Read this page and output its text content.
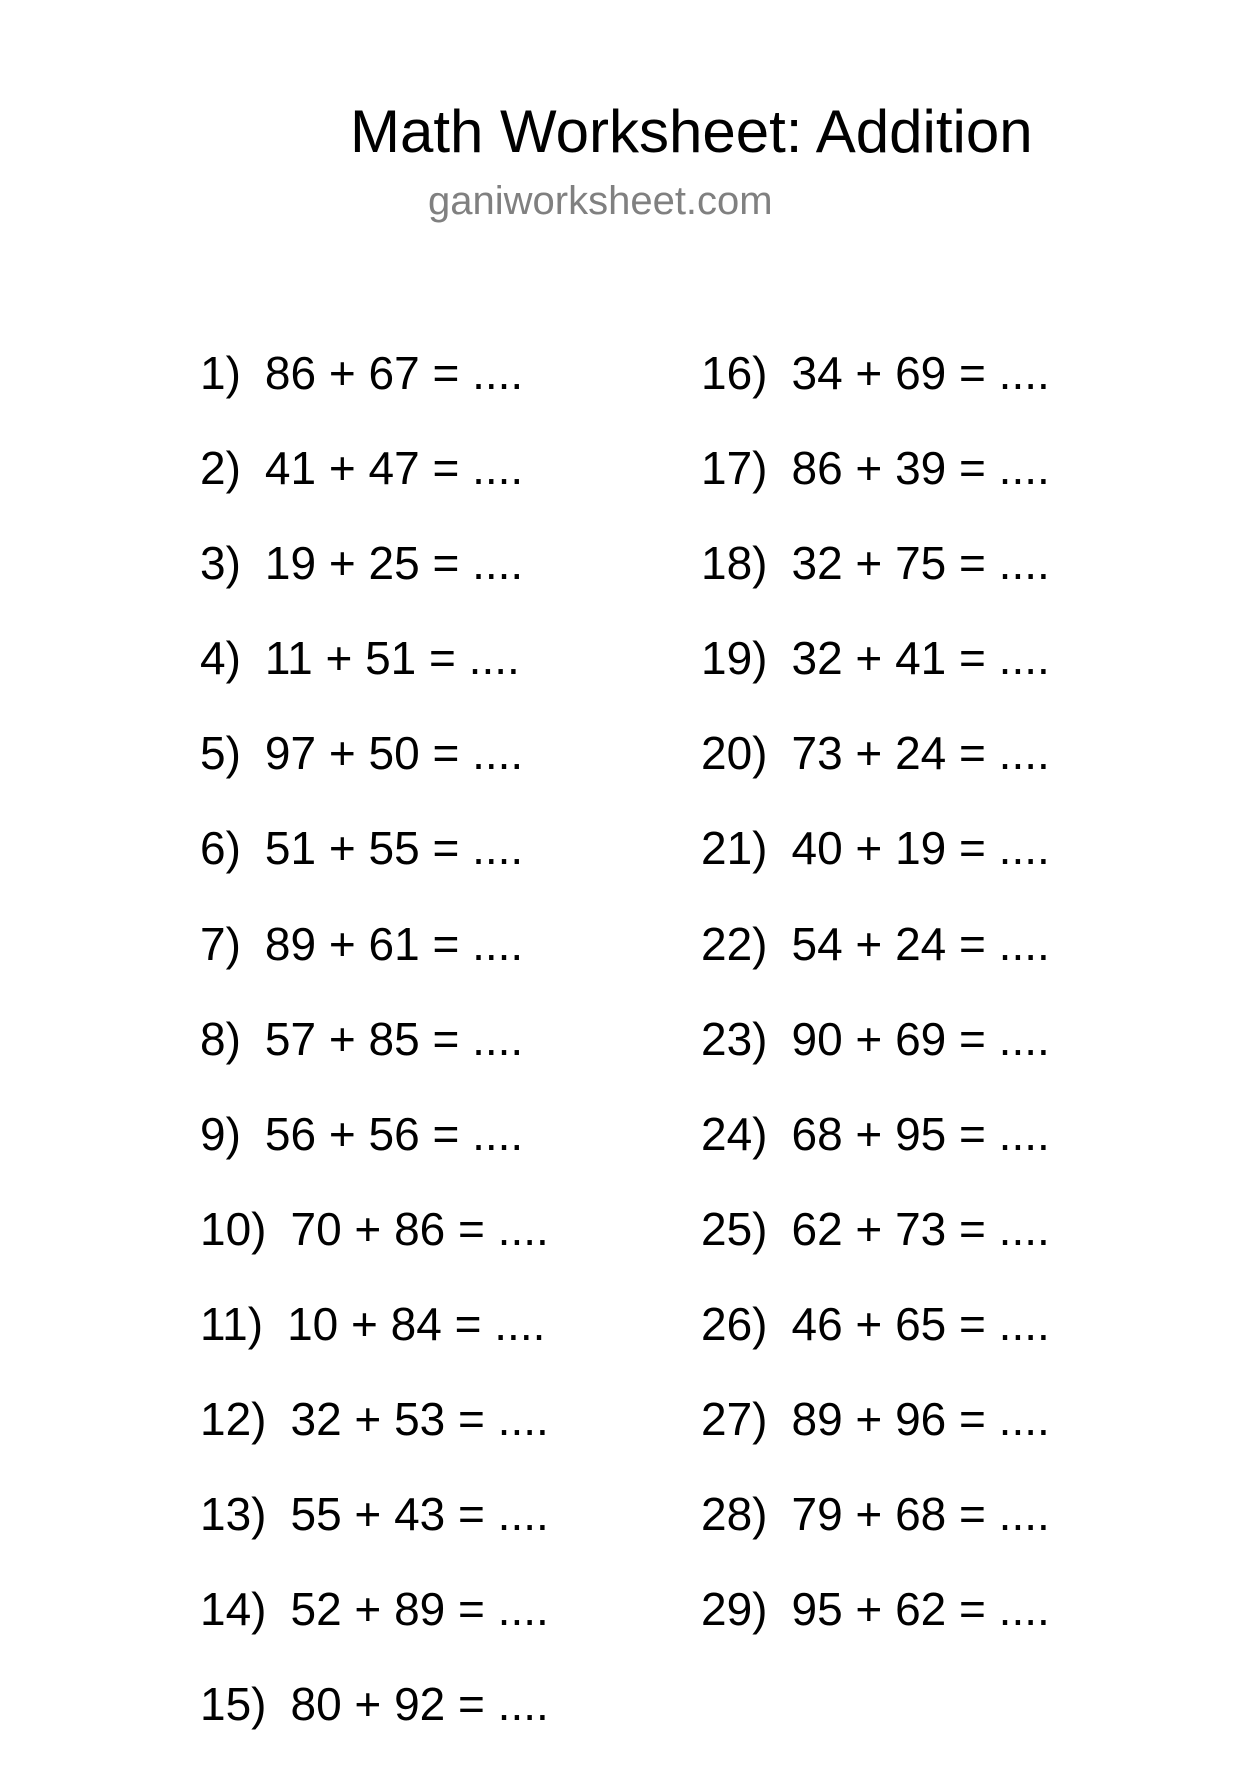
Math Worksheet: Addition
ganiworksheet.com
1) 86 + 67 = ....
2) 41 + 47 = ....
3) 19 + 25 = ....
4) 11 + 51 = ....
5) 97 + 50 = ....
6) 51 + 55 = ....
7) 89 + 61 = ....
8) 57 + 85 = ....
9) 56 + 56 = ....
10) 70 + 86 = ....
11) 10 + 84 = ....
12) 32 + 53 = ....
13) 55 + 43 = ....
14) 52 + 89 = ....
15) 80 + 92 = ....
16) 34 + 69 = ....
17) 86 + 39 = ....
18) 32 + 75 = ....
19) 32 + 41 = ....
20) 73 + 24 = ....
21) 40 + 19 = ....
22) 54 + 24 = ....
23) 90 + 69 = ....
24) 68 + 95 = ....
25) 62 + 73 = ....
26) 46 + 65 = ....
27) 89 + 96 = ....
28) 79 + 68 = ....
29) 95 + 62 = ....
